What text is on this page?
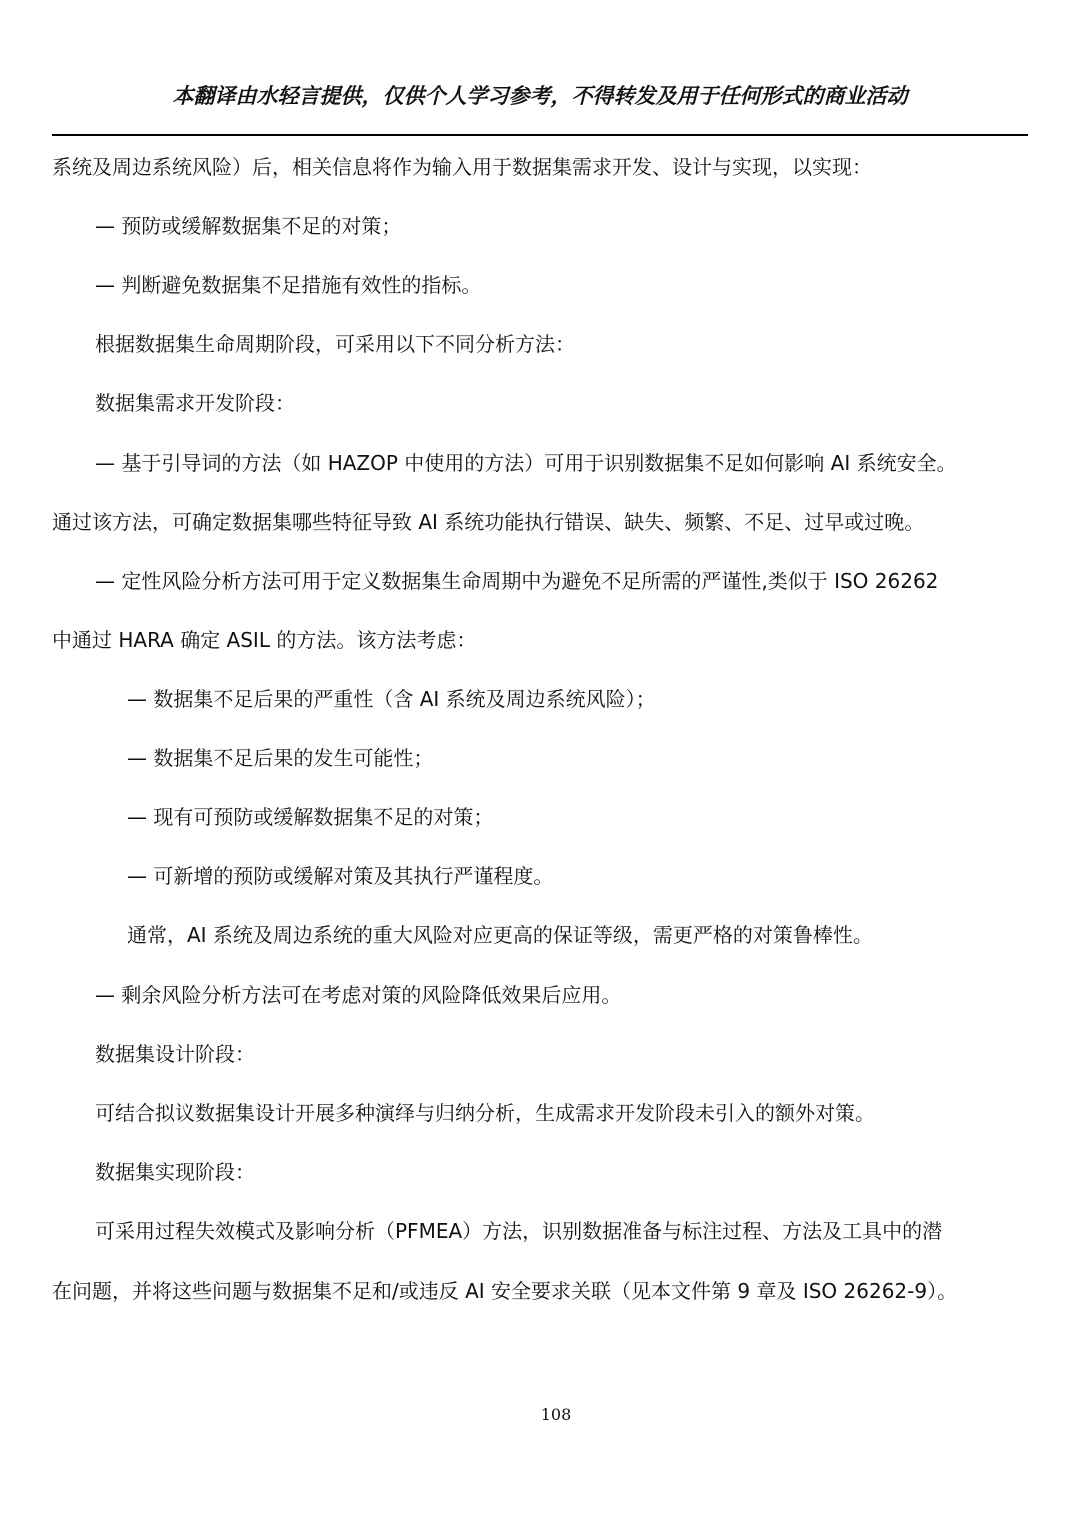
本翻译由水轻言提供，仅供个人学习参考，不得转发及用于任何形式的商业活动
系统及周边系统风险）后，相关信息将作为输入用于数据集需求开发、设计与实现，以实现：
— 预防或缓解数据集不足的对策；
— 判断避免数据集不足措施有效性的指标。
根据数据集生命周期阶段，可采用以下不同分析方法：
数据集需求开发阶段：
— 基于引导词的方法（如 HAZOP 中使用的方法）可用于识别数据集不足如何影响 AI 系统安全。
通过该方法，可确定数据集哪些特征导致 AI 系统功能执行错误、缺失、频繁、不足、过早或过晚。
— 定性风险分析方法可用于定义数据集生命周期中为避免不足所需的严谨性,类似于 ISO 26262
中通过 HARA 确定 ASIL 的方法。该方法考虑：
— 数据集不足后果的严重性（含 AI 系统及周边系统风险）；
— 数据集不足后果的发生可能性；
— 现有可预防或缓解数据集不足的对策；
— 可新增的预防或缓解对策及其执行严谨程度。
通常，AI 系统及周边系统的重大风险对应更高的保证等级，需更严格的对策鲁棒性。
— 剩余风险分析方法可在考虑对策的风险降低效果后应用。
数据集设计阶段：
可结合拟议数据集设计开展多种演绎与归纳分析，生成需求开发阶段未引入的额外对策。
数据集实现阶段：
可采用过程失效模式及影响分析（PFMEA）方法，识别数据准备与标注过程、方法及工具中的潜
在问题，并将这些问题与数据集不足和/或违反 AI 安全要求关联（见本文件第 9 章及 ISO 26262-9）。
108
